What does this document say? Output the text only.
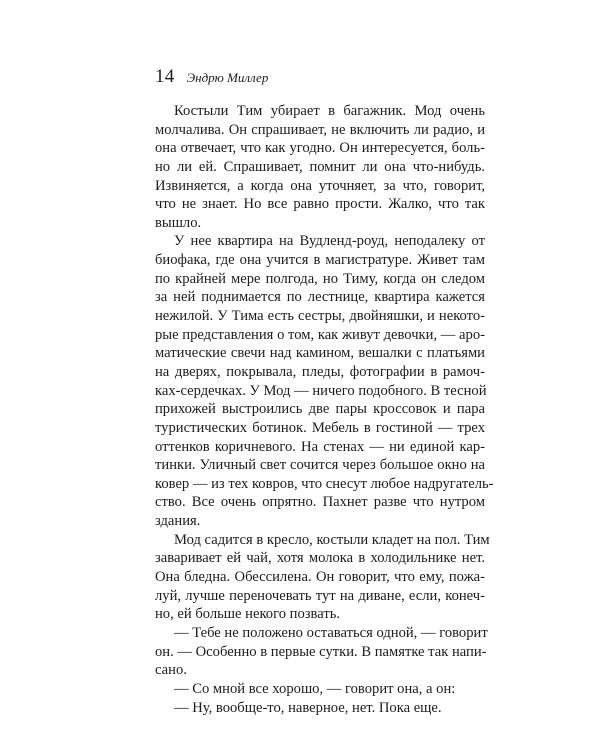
14 Эндрю Миллер
Костыли Тим убирает в багажник. Мод очень
молчалива. Он спрашивает, не включить ли радио, и
она отвечает, что как угодно. Он интересуется, боль-
но ли ей. Спрашивает, помнит ли она что-нибудь.
Извиняется, а когда она уточняет, за что, говорит,
что не знает. Но все равно прости. Жалко, что так
вышло.
У нее квартира на Вудленд-роуд, неподалеку от
биофака, где она учится в магистратуре. Живет там
по крайней мере полгода, но Тиму, когда он следом
за ней поднимается по лестнице, квартира кажется
нежилой. У Тима есть сестры, двойняшки, и некото-
рые представления о том, как живут девочки, — аро-
матические свечи над камином, вешалки с платьями
на дверях, покрывала, пледы, фотографии в рамоч-
ках-сердечках. У Мод — ничего подобного. В тесной
прихожей выстроились две пары кроссовок и пара
туристических ботинок. Мебель в гостиной — трех
оттенков коричневого. На стенах — ни единой кар-
тинки. Уличный свет сочится через большое окно на
ковер — из тех ковров, что снесут любое надругатель-
ство. Все очень опрятно. Пахнет разве что нутром
здания.
Мод садится в кресло, костыли кладет на пол. Тим
заваривает ей чай, хотя молока в холодильнике нет.
Она бледна. Обессилена. Он говорит, что ему, пожа-
луй, лучше переночевать тут на диване, если, конеч-
но, ей больше некого позвать.
— Тебе не положено оставаться одной, — говорит
он. — Особенно в первые сутки. В памятке так напи-
сано.
— Со мной все хорошо, — говорит она, а он:
— Ну, вообще-то, наверное, нет. Пока еще.
